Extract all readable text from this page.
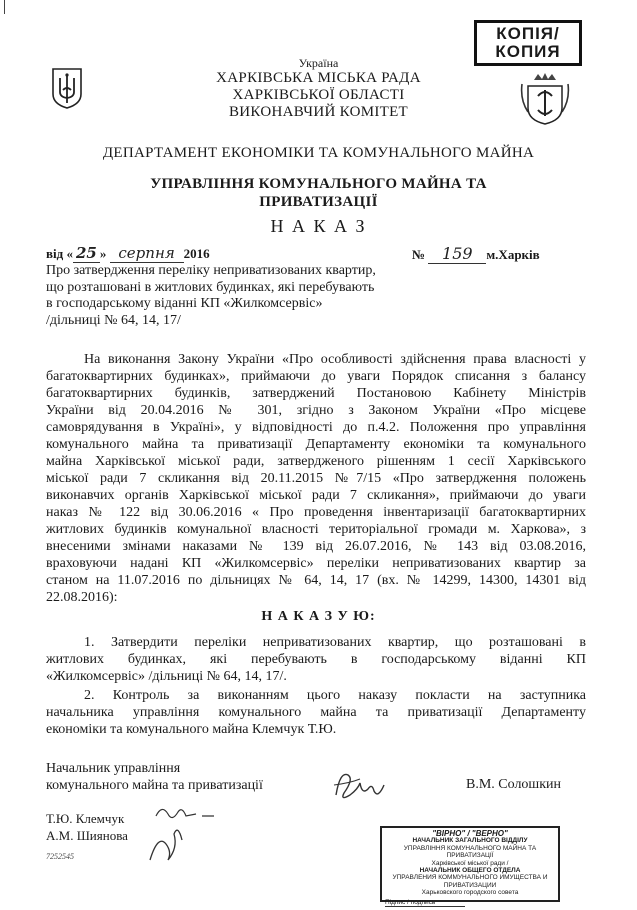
КОПІЯ/
КОПИЯ
Україна
ХАРКІВСЬКА МІСЬКА РАДА
ХАРКІВСЬКОЇ ОБЛАСТІ
ВИКОНАВЧИЙ КОМІТЕТ
ДЕПАРТАМЕНТ ЕКОНОМІКИ ТА КОМУНАЛЬНОГО МАЙНА
УПРАВЛІННЯ КОМУНАЛЬНОГО МАЙНА ТА
ПРИВАТИЗАЦІЇ
Н А К А З
від « 25 » серпня 2016	№ 159 м.Харків
Про затвердження переліку неприватизованих квартир,
що розташовані в житлових будинках, які перебувають
в господарському віданні КП «Жилкомсервіс»
/дільниці № 64, 14, 17/
На виконання Закону України «Про особливості здійснення права власності у
багатоквартирних будинках», приймаючи до уваги Порядок списання з балансу
багатоквартирних будинків, затверджений Постановою Кабінету Міністрів
України від 20.04.2016 № 301, згідно з Законом України «Про місцеве
самоврядування в Україні», у відповідності до п.4.2. Положення про управління
комунального майна та приватизації Департаменту економіки та комунального
майна Харківської міської ради, затвердженого рішенням 1 сесії Харківського
міської ради 7 скликання від 20.11.2015 №7/15 «Про затвердження положень
виконавчих органів Харківської міської ради 7 скликання», приймаючи до уваги
наказ № 122 від 30.06.2016 « Про проведення інвентаризації багатоквартирних
житлових будинків комунальної власності територіальної громади м. Харкова», з
внесеними змінами наказами № 139 від 26.07.2016, № 143 від 03.08.2016,
враховуючи надані КП «Жилкомсервіс» переліки неприватизованих квартир за
станом на 11.07.2016 по дільницях № 64, 14, 17 (вх. № 14299, 14300, 14301 від
22.08.2016):
Н А К А З У Ю:
1. Затвердити переліки неприватизованих квартир, що розташовані в
житлових будинках, які перебувають в господарському віданні КП
«Жилкомсервіс» /дільниці № 64, 14, 17/.
2. Контроль за виконанням цього наказу покласти на заступника
начальника управління комунального майна та приватизації Департаменту
економіки та комунального майна Клемчук Т.Ю.
Начальник управління
комунального майна та приватизації	В.М. Солошкин
Т.Ю. Клемчук
А.М. Шиянова
7252545
"ВІРНО" / "ВЕРНО"
НАЧАЛЬНИК ЗАГАЛЬНОГО ВІДДІЛУ
УПРАВЛІННЯ КОМУНАЛЬНОГО МАЙНА ТА ПРИВАТИЗАЦІЇ
Харківської міської ради /
НАЧАЛЬНИК ОБЩЕГО ОТДЕЛА
УПРАВЛЕНИЯ КОММУНАЛЬНОГО ИМУЩЕСТВА И ПРИВАТИЗАЦИИ
Харьковского городского совета
Підпис / подпись
